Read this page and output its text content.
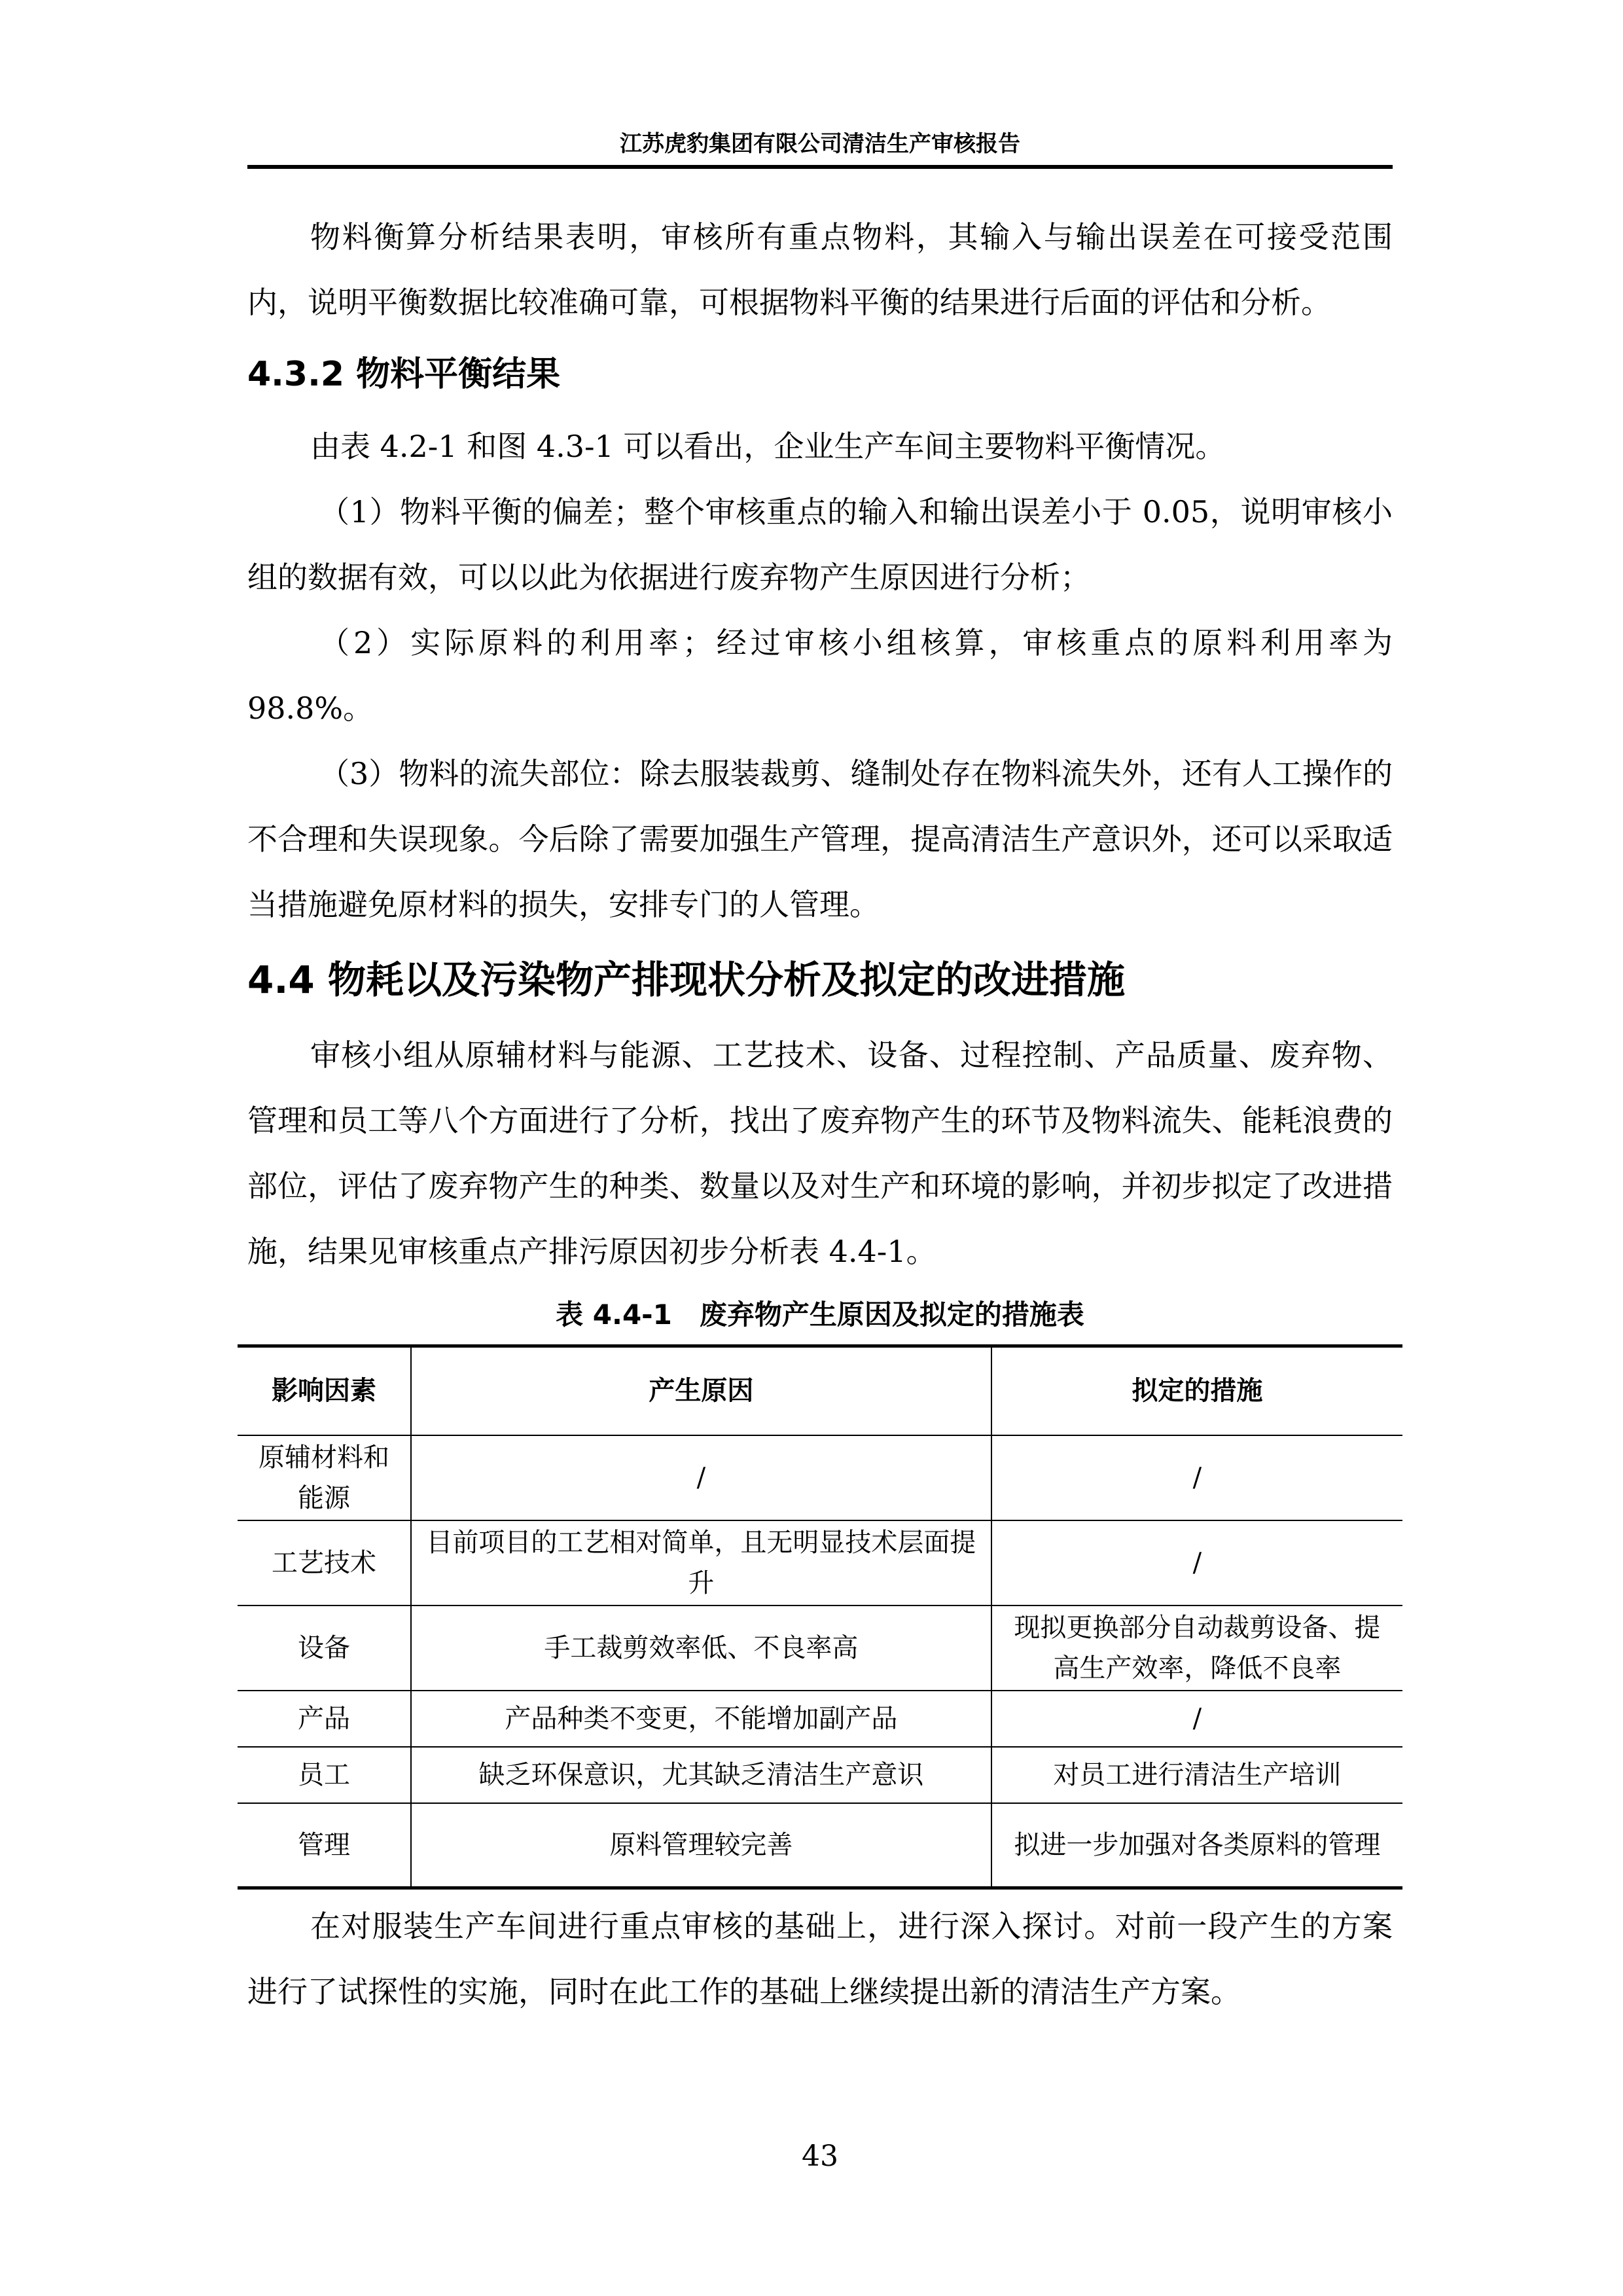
江苏虎豹集团有限公司清洁生产审核报告

物料衡算分析结果表明，审核所有重点物料，其输入与输出误差在可接受范围内，说明平衡数据比较准确可靠，可根据物料平衡的结果进行后面的评估和分析。

4.3.2 物料平衡结果

由表 4.2-1 和图 4.3-1 可以看出，企业生产车间主要物料平衡情况。

（1）物料平衡的偏差；整个审核重点的输入和输出误差小于 0.05，说明审核小组的数据有效，可以以此为依据进行废弃物产生原因进行分析；

（2）实际原料的利用率；经过审核小组核算，审核重点的原料利用率为 98.8%。

（3）物料的流失部位：除去服装裁剪、缝制处存在物料流失外，还有人工操作的不合理和失误现象。今后除了需要加强生产管理，提高清洁生产意识外，还可以采取适当措施避免原材料的损失，安排专门的人管理。

4.4 物耗以及污染物产排现状分析及拟定的改进措施

审核小组从原辅材料与能源、工艺技术、设备、过程控制、产品质量、废弃物、管理和员工等八个方面进行了分析，找出了废弃物产生的环节及物料流失、能耗浪费的部位，评估了废弃物产生的种类、数量以及对生产和环境的影响，并初步拟定了改进措施，结果见审核重点产排污原因初步分析表 4.4-1。

表 4.4-1　废弃物产生原因及拟定的措施表
影响因素	产生原因	拟定的措施
原辅材料和能源	/	/
工艺技术	目前项目的工艺相对简单，且无明显技术层面提升	/
设备	手工裁剪效率低、不良率高	现拟更换部分自动裁剪设备、提高生产效率，降低不良率
产品	产品种类不变更，不能增加副产品	/
员工	缺乏环保意识，尤其缺乏清洁生产意识	对员工进行清洁生产培训
管理	原料管理较完善	拟进一步加强对各类原料的管理

在对服装生产车间进行重点审核的基础上，进行深入探讨。对前一段产生的方案进行了试探性的实施，同时在此工作的基础上继续提出新的清洁生产方案。

43
